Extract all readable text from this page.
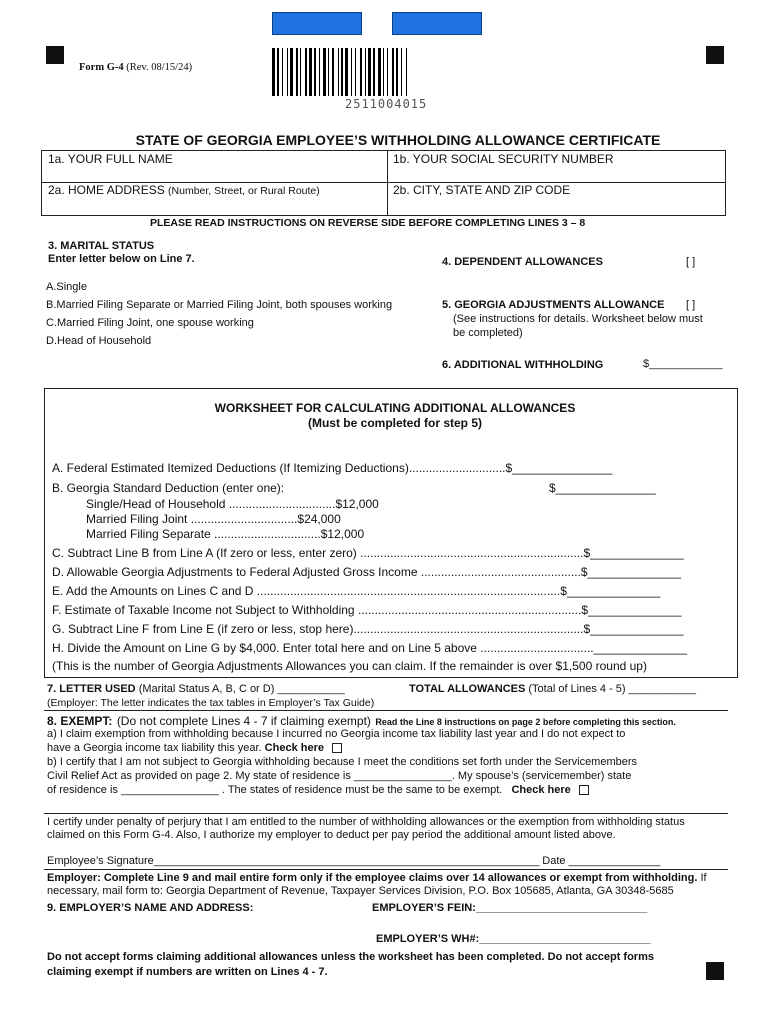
Form G-4 (Rev. 08/15/24)
2511004015
STATE OF GEORGIA EMPLOYEE’S WITHHOLDING ALLOWANCE CERTIFICATE
1a. YOUR FULL NAME	1b. YOUR SOCIAL SECURITY NUMBER
2a. HOME ADDRESS (Number, Street, or Rural Route)	2b. CITY, STATE AND ZIP CODE
PLEASE READ INSTRUCTIONS ON REVERSE SIDE BEFORE COMPLETING LINES 3 – 8
3. MARITAL STATUS
Enter letter below on Line 7.
A.Single
B.Married Filing Separate or Married Filing Joint, both spouses working
C.Married Filing Joint, one spouse working
D.Head of Household
4. DEPENDENT ALLOWANCES	[ ]
5. GEORGIA ADJUSTMENTS ALLOWANCE [ ]
(See instructions for details. Worksheet below must
be completed)
6. ADDITIONAL WITHHOLDING	$____________
WORKSHEET FOR CALCULATING ADDITIONAL ALLOWANCES
(Must be completed for step 5)
A. Federal Estimated Itemized Deductions (If Itemizing Deductions).............................$_______________
B. Georgia Standard Deduction (enter one):	$_______________
Single/Head of Household ................................$12,000
Married Filing Joint ................................$24,000
Married Filing Separate ................................$12,000
C. Subtract Line B from Line A (If zero or less, enter zero) ...................................................................$______________
D. Allowable Georgia Adjustments to Federal Adjusted Gross Income ................................................$______________
E. Add the Amounts on Lines C and D ...........................................................................................$______________
F. Estimate of Taxable Income not Subject to Withholding ...................................................................$______________
G. Subtract Line F from Line E (if zero or less, stop here).....................................................................$______________
H. Divide the Amount on Line G by $4,000. Enter total here and on Line 5 above ..................................______________
(This is the number of Georgia Adjustments Allowances you can claim. If the remainder is over $1,500 round up)
7. LETTER USED (Marital Status A, B, C or D) ___________	TOTAL ALLOWANCES (Total of Lines 4 - 5) ___________
(Employer: The letter indicates the tax tables in Employer’s Tax Guide)
8. EXEMPT: (Do not complete Lines 4 - 7 if claiming exempt) Read the Line 8 instructions on page 2 before completing this section.
a) I claim exemption from withholding because I incurred no Georgia income tax liability last year and I do not expect to
have a Georgia income tax liability this year. Check here
b) I certify that I am not subject to Georgia withholding because I meet the conditions set forth under the Servicemembers
Civil Relief Act as provided on page 2. My state of residence is ________________. My spouse’s (servicemember) state
of residence is ________________ . The states of residence must be the same to be exempt. Check here
I certify under penalty of perjury that I am entitled to the number of withholding allowances or the exemption from withholding status
claimed on this Form G-4. Also, I authorize my employer to deduct per pay period the additional amount listed above.
Employee’s Signature_______________________________________________________________ Date _______________
Employer: Complete Line 9 and mail entire form only if the employee claims over 14 allowances or exempt from withholding. If
necessary, mail form to: Georgia Department of Revenue, Taxpayer Services Division, P.O. Box 105685, Atlanta, GA 30348-5685
9. EMPLOYER’S NAME AND ADDRESS:	EMPLOYER’S FEIN:____________________________
EMPLOYER’S WH#:____________________________
Do not accept forms claiming additional allowances unless the worksheet has been completed. Do not accept forms
claiming exempt if numbers are written on Lines 4 - 7.
